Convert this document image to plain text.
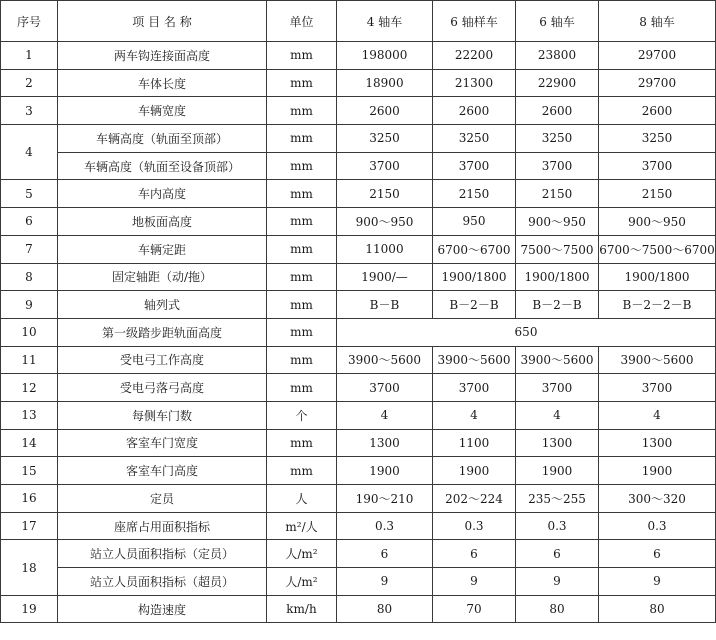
序号	项 目 名 称	单位	4 轴车	6 轴样车	6 轴车	8 轴车
1	两车钩连接面高度	mm	198000	22200	23800	29700
2	车体长度	mm	18900	21300	22900	29700
3	车辆宽度	mm	2600	2600	2600	2600
4	车辆高度（轨面至顶部）	mm	3250	3250	3250	3250
	车辆高度（轨面至设备顶部）	mm	3700	3700	3700	3700
5	车内高度	mm	2150	2150	2150	2150
6	地板面高度	mm	900～950	950	900～950	900～950
7	车辆定距	mm	11000	6700～6700	7500～7500	6700～7500～6700
8	固定轴距（动/拖）	mm	1900/—	1900/1800	1900/1800	1900/1800
9	轴列式	mm	B－B	B－2－B	B－2－B	B－2－2－B
10	第一级踏步距轨面高度	mm	650			
11	受电弓工作高度	mm	3900～5600	3900～5600	3900～5600	3900～5600
12	受电弓落弓高度	mm	3700	3700	3700	3700
13	每侧车门数	个	4	4	4	4
14	客室车门宽度	mm	1300	1100	1300	1300
15	客室车门高度	mm	1900	1900	1900	1900
16	定员	人	190～210	202～224	235～255	300～320
17	座席占用面积指标	m²/人	0.3	0.3	0.3	0.3
18	站立人员面积指标（定员）	人/m²	6	6	6	6
	站立人员面积指标（超员）	人/m²	9	9	9	9
19	构造速度	km/h	80	70	80	80
